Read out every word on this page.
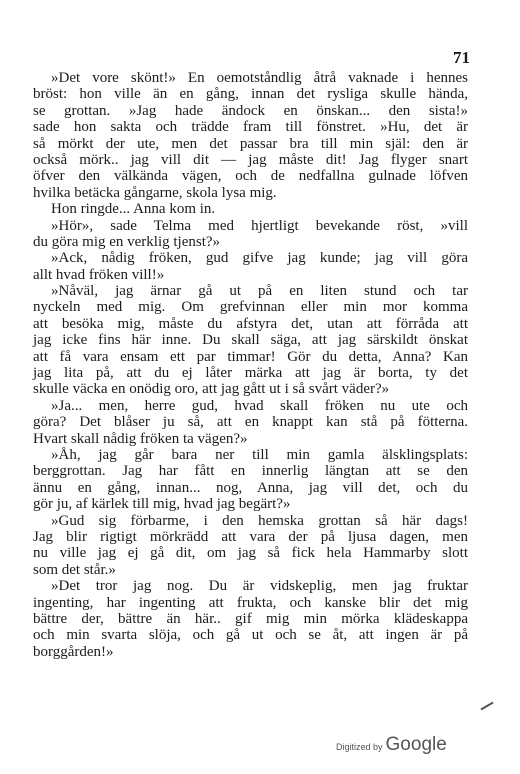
71
»Det vore skönt!» En oemotståndlig åtrå vaknade i hennes
bröst: hon ville än en gång, innan det rysliga skulle hända,
se grottan. »Jag hade ändock en önskan... den sista!»
sade hon sakta och trädde fram till fönstret. »Hu, det är
så mörkt der ute, men det passar bra till min själ: den är
också mörk.. jag vill dit — jag måste dit! Jag flyger snart
öfver den välkända vägen, och de nedfallna gulnade löfven
hvilka betäcka gångarne, skola lysa mig.
Hon ringde... Anna kom in.
»Hör», sade Telma med hjertligt bevekande röst, »vill
du göra mig en verklig tjenst?»
»Ack, nådig fröken, gud gifve jag kunde; jag vill göra
allt hvad fröken vill!»
»Nåväl, jag ärnar gå ut på en liten stund och tar
nyckeln med mig. Om grefvinnan eller min mor komma
att besöka mig, måste du afstyra det, utan att förråda att
jag icke fins här inne. Du skall säga, att jag särskildt önskat
att få vara ensam ett par timmar! Gör du detta, Anna? Kan
jag lita på, att du ej låter märka att jag är borta, ty det
skulle väcka en onödig oro, att jag gått ut i så svårt väder?»
»Ja... men, herre gud, hvad skall fröken nu ute och
göra? Det blåser ju så, att en knappt kan stå på fötterna.
Hvart skall nådig fröken ta vägen?»
»Åh, jag går bara ner till min gamla älsklingsplats:
berggrottan. Jag har fått en innerlig längtan att se den
ännu en gång, innan... nog, Anna, jag vill det, och du
gör ju, af kärlek till mig, hvad jag begärt?»
»Gud sig förbarme, i den hemska grottan så här dags!
Jag blir rigtigt mörkrädd att vara der på ljusa dagen, men
nu ville jag ej gå dit, om jag så fick hela Hammarby slott
som det står.»
»Det tror jag nog. Du är vidskeplig, men jag fruktar
ingenting, har ingenting att frukta, och kanske blir det mig
bättre der, bättre än här.. gif mig min mörka klädeskappa
och min svarta slöja, och gå ut och se åt, att ingen är på
borggården!»
Digitized by Google
